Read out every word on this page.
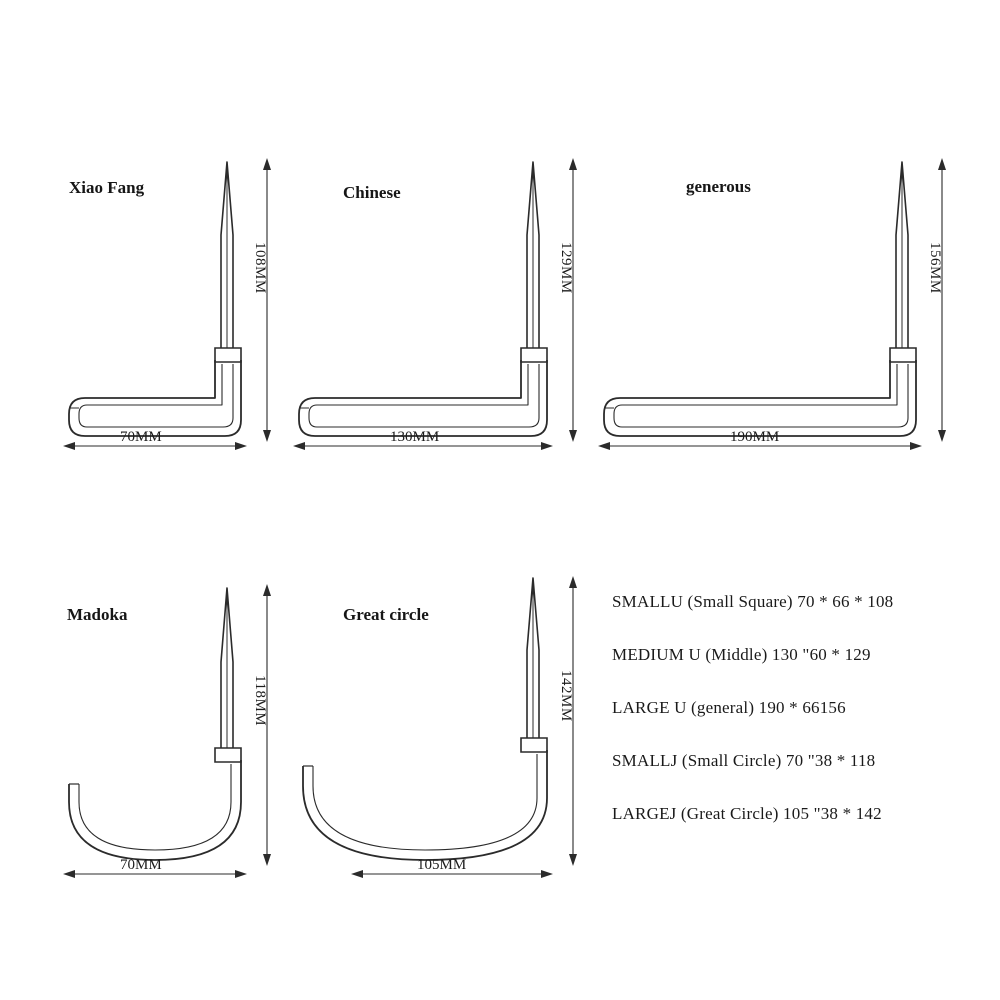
Xiao Fang
108MM
70MM
Chinese
129MM
130MM
generous
156MM
190MM
Madoka
118MM
70MM
Great circle
142MM
105MM
SMALLU (Small Square) 70 * 66 * 108
MEDIUM U (Middle) 130 "60 * 129
LARGE U (general) 190 * 66156
SMALLJ (Small Circle) 70 "38 * 118
LARGEJ (Great Circle) 105 "38 * 142
